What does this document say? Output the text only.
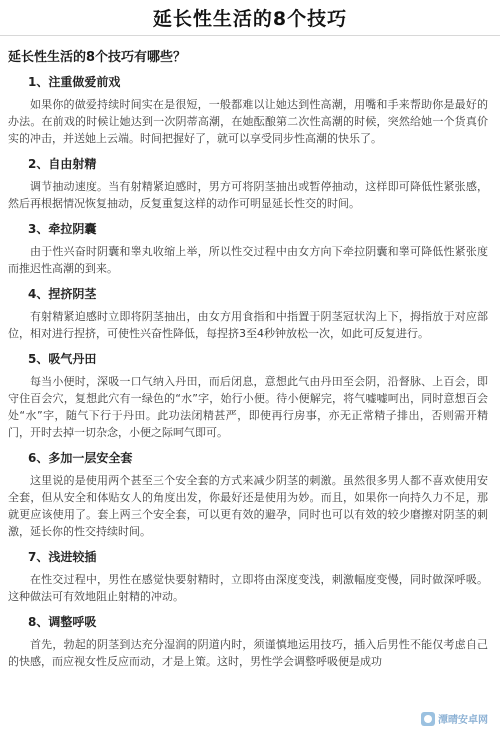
延长性生活的8个技巧
延长性生活的8个技巧有哪些？
1、注重做爱前戏

如果你的做爱持续时间实在是很短，一般都难以让她达到性高潮，用嘴和手来帮助你是最好的办法。在前戏的时候让她达到一次阴蒂高潮，在她酝酿第二次性高潮的时候，突然给她一个货真价实的冲击，并送她上云端。时间把握好了，就可以享受同步性高潮的快乐了。

2、自由射精

调节抽动速度。当有射精紧迫感时，男方可将阴茎抽出或暂停抽动，这样即可降低性紧张感，然后再根据情况恢复抽动，反复重复这样的动作可明显延长性交的时间。

3、牵拉阴囊

由于性兴奋时阴囊和睾丸收缩上举，所以性交过程中由女方向下牵拉阴囊和睾可降低性紧张度而推迟性高潮的到来。

4、捏挤阴茎

有射精紧迫感时立即将阴茎抽出，由女方用食指和中指置于阴茎冠状沟上下，拇指放于对应部位，相对进行捏挤，可使性兴奋性降低，每捏挤3至4秒钟放松一次，如此可反复进行。

5、吸气丹田

每当小便时，深吸一口气纳入丹田，而后闭息，意想此气由丹田至会阴，沿督脉、上百会，即守住百会穴，复想此穴有一绿色的“水”字，始行小便。待小便解完，将气嘘嘘呵出，同时意想百会处“水”字，随气下行于丹田。此功法闭精甚严，即使再行房事，亦无正常精子排出，否则需开精门，开时去掉一切杂念，小便之际呵气即可。

6、多加一层安全套

这里说的是使用两个甚至三个安全套的方式来减少阴茎的刺激。虽然很多男人都不喜欢使用安全套，但从安全和体贴女人的角度出发，你最好还是使用为妙。而且，如果你一向持久力不足，那就更应该使用了。套上两三个安全套，可以更有效的避孕，同时也可以有效的较少磨擦对阴茎的刺激，延长你的性交持续时间。

7、浅进较插

在性交过程中，男性在感觉快要射精时，立即将由深度变浅，刺激幅度变慢，同时做深呼吸。这种做法可有效地阻止射精的冲动。

8、调整呼吸

首先，勃起的阴茎到达充分湿润的阴道内时，须谨慎地运用技巧，插入后男性不能仅考虑自己的快感，而应视女性反应而动，才是上策。这时，男性学会调整呼吸便是成功

潭晴安卓网
